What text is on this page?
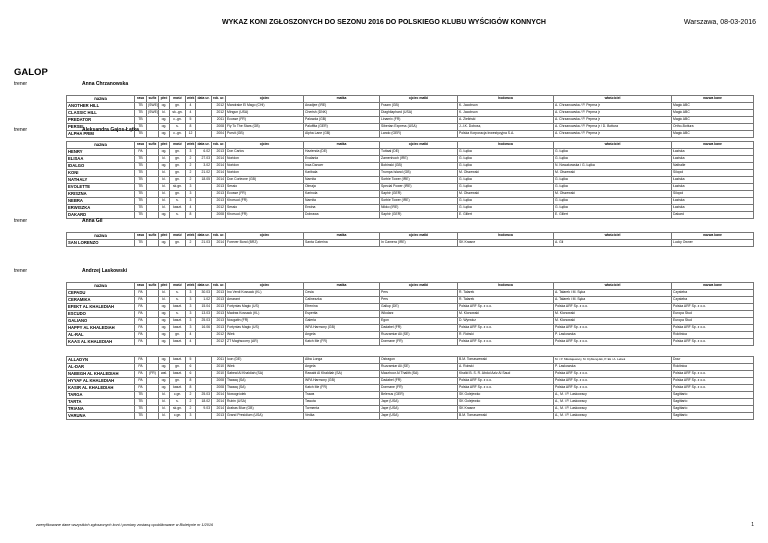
WYKAZ KONI ZGŁOSZONYCH DO SEZONU 2016 DO POLSKIEGO KLUBU WYŚCIGÓW KONNYCH	Warszawa, 08-03-2016
GALOP
trener	Anna Chrzanowska
nazwa	rasa	sufix	płeć	maść	wiek	data ur.	rok. ur.	ojciec	matka	ojciec matki	hodowca	właściciel	nazwa kane
ANOTHER HILL	TB	(SWE)	og.	gn.	4		2012	Mandrake El Mago (CHI)	Anadjee (IRE)	Fraam (GB)	K. Jacobson	A. Chrzanowska / P. Peprna jr	Magic ABC
CLASSIC HILL	TB	(SWE)	kl.	sk.-gn.	4		2012	Mingun (USA)	Cherish (DNK)	Diaghilaphard (USA)	K. Jacobson	A. Chrzanowska / P. Peprna jr	Magic ABC
PREDATOR	TB		og.	c.-gn.	5		2011	Ecosse (FR)	Palowda (GB)	Linamix (FR)	A. Zieliński	A. Chrzanowska / P. Peprna jr	Magic ABC
PERSEI	TB		og.	s.	8		2008	Fly To The Stars (GB)	Paluffita (GER)	Siberian Express (USA)	J.-I.K. Dobosz,	A. Chrzanowska / P. Peprna jr / D. Bottura	Ortho-Bottura
ALPHA PRIM	TB		og.	c.-gn.	12		2004	Pursit (GB)	Alpha Lane (GB)	Lando (GER)	Polska Korporacja Inwestycyjna S.A.	A. Chrzanowska / P. Peprna jr	Magic ABC
trener	Aleksandra Gajos-Łątka
nazwa	rasa	sufix	płeć	maść	wiek	data ur.	rok. ur.	ojciec	matka	ojciec matki	hodowca	właściciel	nazwa kane
HENRY	PA		og.	gn.	3	6.02	2013	Don Carlos	Hazienda (DE)	Tuttaal (DE)	G. Łątka	G. Łątka	Łaziska
ELISAA	TB		kl.	gn.	2	27.03	2014	Noridon	Evalania	Zamenhoch (IRE)	G. Łątka	G. Łątka	Łaziska
IDALGO	TB		og.	gn.	2	3.02	2014	Noridon	Inca Dancer	Bobinski (GB)	G. Łątka	N. Nowakowska i G. Łątka	Nathalie
KONI	TB		kl.	gn.	2	21.02	2014	Noridon	Karibala	Trumpa Island (GB)	M. Olszewski	M. Olszewski	Silopol
NATHALY	TB		kl.	gn.	2	18.05	2014	Don Corleone (GB)	Narnita	Sorbie Tower (IRE)	G. Łątka	G. Łątka	Łaziska
EVOLETTE	TB		kl.	sk.gn.	3		2013	Sessio	Olmaja	Special Power (IRE)	G. Łątka	G. Łątka	Łaziska
KRISZNA	TB		kl.	gn.	3		2013	Ecosse (FR)	Karinola	Saphir (GER)	M. Olszewski	M. Olszewski	Silopol
NEBRA	TB		kl.	s.	3		2013	Khorsud (FR)	Narnita	Sorbie Tower (IRE)	G. Łątka	G. Łątka	Łaziska
ERWISZKA	TB		kl.	kaszt.	4		2012	Sessio	Erwina	Nikko (IRE)	G. Łątka	G. Łątka	Łaziska
DAKARD	TB		og.	s.	8		2008	Khorsud (FR)	Dobrawa	Saphir (GER)	E. Gillert	E. Gillert	Dakard
trener	Anna Gil
nazwa	rasa	sufix	płeć	maść	wiek	data ur.	rok. ur.	ojciec	matka	ojciec matki	hodowca	właściciel	nazwa kane
SAN LORENZO	TB		og.	gn.	2	21.03	2014	Forever Bond (BRZ)	Santa Caterina	In Camera (IRE)	SK Krasne	A. Gil	Lucky Owner
trener	Andrzej Laskowski
nazwa	rasa	sufix	płeć	maść	wiek	data ur.	rok. ur.	ojciec	matka	ojciec matki	hodowca	właściciel	nazwa kane
CEPADU	PA		kl.	s.	3	30.03	2013	Ino Verdi Kossack (KL)	Cesia	Pers	R. Talarek	A. Talarek i M. Sęka	Czysteba
CERAMIKA	PA		kl.	s.	3	1.02	2013	Amarant	Calinezzka	Pers	R. Talarek	A. Talarek i M. Sęka	Czysteba
EFEKT AL KHALEDIAH	PA		og.	kaszt.	3	15.04	2013	Fortynias Magic (US)	Efrenina	Gallup (DE)	Polska ARF Sp. z o.o.	Polska ARF Sp. z o.o.	Polska ARF Sp. z o.o.
ESCUDO	PA		og.	s.	3	13.03	2013	Madras Kossack (KL)	Esperita	Włodarz	M. Klonowski	M. Klonowski	Europa Stud
GALIANO	PA		og.	kaszt.	3	25.03	2013	Nougatin (FR)	Galeria	Egon	D. Wyrwicz	M. Klonowski	Europa Stud
HAPPY AL KHALEDIAH	PA		og.	kaszt.	3	16.06	2013	Fortynias Magic (US)	WFA Harmony (GB)	Dadabel (FR)	Polska ARF Sp. z o.o.	Polska ARF Sp. z o.o.	Polska ARF Sp. z o.o.
AL-RAL	PA		og.	gn.	4		2012	Wiek	Angela	Ruzzamiar Ali (SE)	R. Robski	P. Laskowska	Rokitnica
KAAS AL KHALEDIAH	PA		og.	kaszt.	4		2012	ZT Maghsoorry (AR)	Katch Me (FR)	Dormane (FR)	Polska ARF Sp. z o.o.	Polska ARF Sp. z o.o.	Polska ARF Sp. z o.o.

ALLADYN	PA		og.	kaszt.	5		2011	Icon (DE)	Alba Longa	Ostragon	B.M. Tomaszewski	M. i P. Mikołajewscy, M. Dybleng-Ek, P. Ek i A. Lebek	Dour
AL-DAR	PA		og.	gn.	6		2010	Wiek	Angela	Ruzzamiar Ali (SE)	A. Robski	P. Laskowska	Rokitnica
NABEGH AL KHALEDIAH	PA	(FR)	wał.	kaszt.	6		2010	Sabeal Al Khaldiah (SA)	Rawabi Al Khaldiah (SA)	Mazzhoor Al Thalith (SA)	Khalid B. S. R. Abdul Aziz Al Saud	Polska ARF Sp. z o.o.	Polska ARF Sp. z o.o.
HYYAF AL KHALEDIAH	PA		og.	gn.	8		2008	Tiwaaq (SA)	WFA Harmony (GB)	Dadabel (FR)	Polska ARF Sp. z o.o.	Polska ARF Sp. z o.o.	Polska ARF Sp. z o.o.
KASIR AL KHALEDIAH	PA		og.	kaszt.	8		2008	Tiwaaq (SA)	Katch Me (FR)	Dormane (FR)	Polska ARF Sp. z o.o.	Polska ARF Sp. z o.o.	Polska ARF Sp. z o.o.
TARGA	TB		kl.	c.gn.	2	25.03	2014	Nowogródek	Trawa	Belenus (GER)	SK Golejewko	A., M. i P. Laskowscy	Sagittario
TARTA	TB		kl.	s.	2	18.02	2014	Rubin (USA)	Tawuta	Jape (USA)	SK Golejewko	A., M. i P. Laskowscy	Sagittario
TRIANA	TB		kl.	sk.gn.	2	9.03	2014	Arabas Blue (GB)	Tormenta	Jape (USA)	SK Krasne	A., M. i P. Laskowscy	Sagittario
VARUNA	TB		kl.	c.gn.	3		2013	Grand Presidium (USA)	Vedka	Jape (USA)	B.M. Tomaszewski	A., M. i P. Laskowscy	Sagittario
zweryfikowane dane wszystkich zgłoszonych koni i pomiary zostaną opublikowane w Biuletynie nr 1/2016	1
